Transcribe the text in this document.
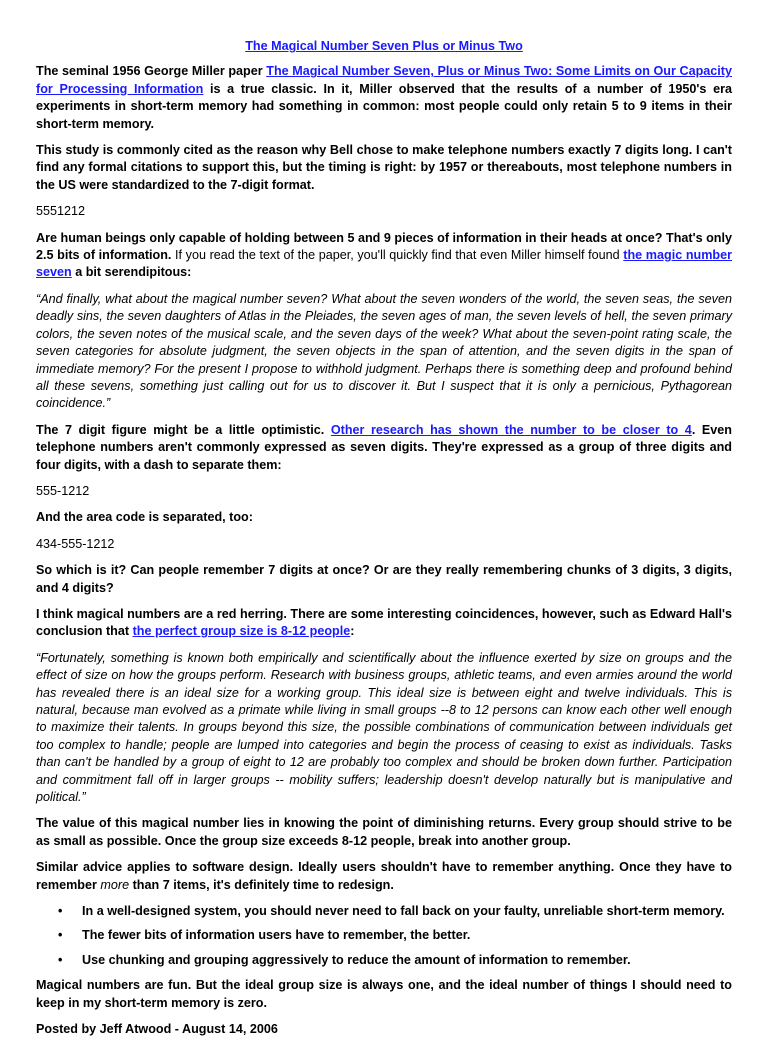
The Magical Number Seven Plus or Minus Two

The seminal 1956 George Miller paper The Magical Number Seven, Plus or Minus Two: Some Limits on Our Capacity for Processing Information is a true classic. In it, Miller observed that the results of a number of 1950's era experiments in short-term memory had something in common: most people could only retain 5 to 9 items in their short-term memory.

This study is commonly cited as the reason why Bell chose to make telephone numbers exactly 7 digits long. I can't find any formal citations to support this, but the timing is right: by 1957 or thereabouts, most telephone numbers in the US were standardized to the 7-digit format.

5551212

Are human beings only capable of holding between 5 and 9 pieces of information in their heads at once? That's only 2.5 bits of information. If you read the text of the paper, you'll quickly find that even Miller himself found the magic number seven a bit serendipitous:

“And finally, what about the magical number seven? What about the seven wonders of the world, the seven seas, the seven deadly sins, the seven daughters of Atlas in the Pleiades, the seven ages of man, the seven levels of hell, the seven primary colors, the seven notes of the musical scale, and the seven days of the week? What about the seven-point rating scale, the seven categories for absolute judgment, the seven objects in the span of attention, and the seven digits in the span of immediate memory? For the present I propose to withhold judgment. Perhaps there is something deep and profound behind all these sevens, something just calling out for us to discover it. But I suspect that it is only a pernicious, Pythagorean coincidence.”

The 7 digit figure might be a little optimistic. Other research has shown the number to be closer to 4. Even telephone numbers aren't commonly expressed as seven digits. They're expressed as a group of three digits and four digits, with a dash to separate them:

555-1212

And the area code is separated, too:

434-555-1212

So which is it? Can people remember 7 digits at once? Or are they really remembering chunks of 3 digits, 3 digits, and 4 digits?

I think magical numbers are a red herring. There are some interesting coincidences, however, such as Edward Hall's conclusion that the perfect group size is 8-12 people:

“Fortunately, something is known both empirically and scientifically about the influence exerted by size on groups and the effect of size on how the groups perform. Research with business groups, athletic teams, and even armies around the world has revealed there is an ideal size for a working group. This ideal size is between eight and twelve individuals. This is natural, because man evolved as a primate while living in small groups --8 to 12 persons can know each other well enough to maximize their talents. In groups beyond this size, the possible combinations of communication between individuals get too complex to handle; people are lumped into categories and begin the process of ceasing to exist as individuals. Tasks than can't be handled by a group of eight to 12 are probably too complex and should be broken down further. Participation and commitment fall off in larger groups -- mobility suffers; leadership doesn't develop naturally but is manipulative and political.”

The value of this magical number lies in knowing the point of diminishing returns. Every group should strive to be as small as possible. Once the group size exceeds 8-12 people, break into another group.

Similar advice applies to software design. Ideally users shouldn't have to remember anything. Once they have to remember more than 7 items, it's definitely time to redesign.

• In a well-designed system, you should never need to fall back on your faulty, unreliable short-term memory.
• The fewer bits of information users have to remember, the better.
• Use chunking and grouping aggressively to reduce the amount of information to remember.

Magical numbers are fun. But the ideal group size is always one, and the ideal number of things I should need to keep in my short-term memory is zero.

Posted by Jeff Atwood - August 14, 2006
